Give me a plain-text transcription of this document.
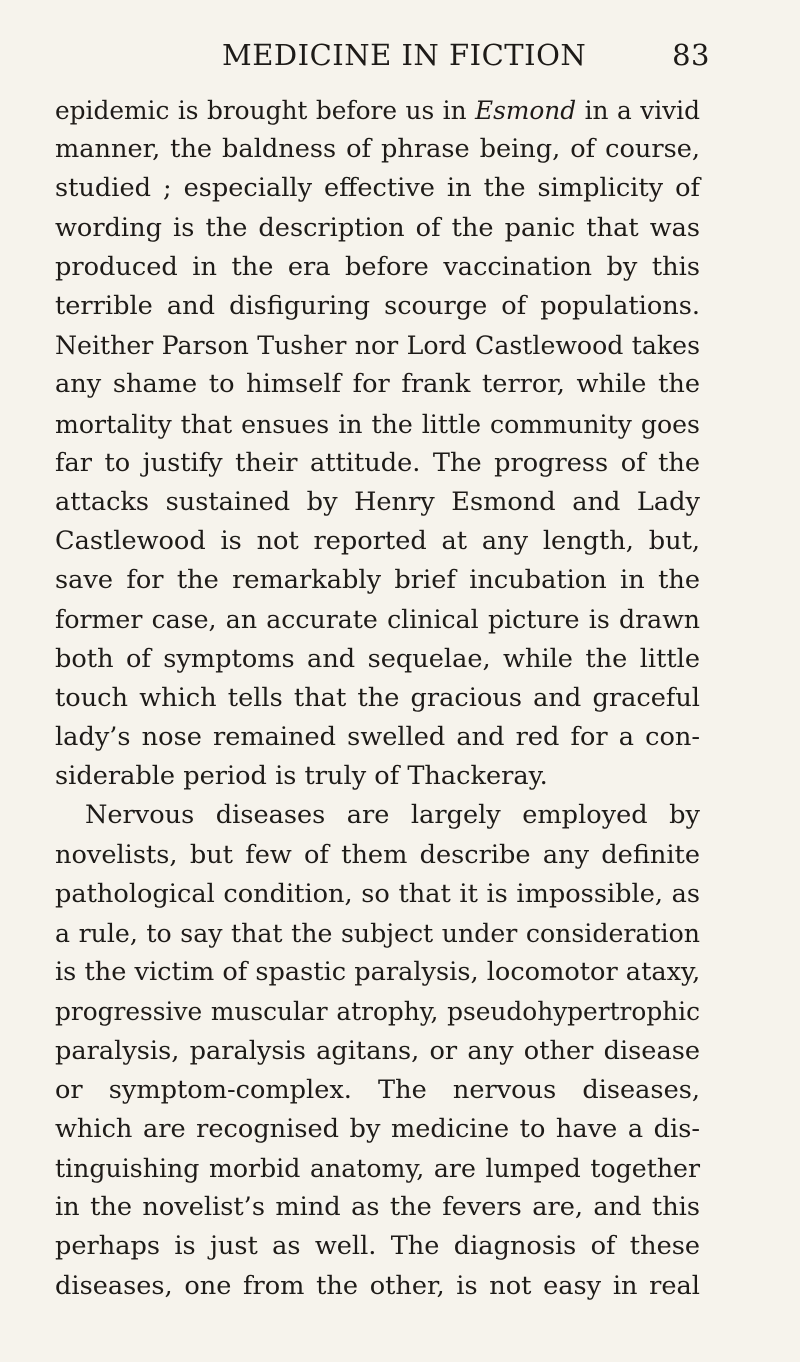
MEDICINE IN FICTION	83
epidemic is brought before us in Esmond in a vivid
manner, the baldness of phrase being, of course,
studied ; especially effective in the simplicity of
wording is the description of the panic that was
produced in the era before vaccination by this
terrible and disfiguring scourge of populations.
Neither Parson Tusher nor Lord Castlewood takes
any shame to himself for frank terror, while the
mortality that ensues in the little community goes
far to justify their attitude. The progress of the
attacks sustained by Henry Esmond and Lady
Castlewood is not reported at any length, but,
save for the remarkably brief incubation in the
former case, an accurate clinical picture is drawn
both of symptoms and sequelae, while the little
touch which tells that the gracious and graceful
lady’s nose remained swelled and red for a con-
siderable period is truly of Thackeray.
Nervous diseases are largely employed by
novelists, but few of them describe any definite
pathological condition, so that it is impossible, as
a rule, to say that the subject under consideration
is the victim of spastic paralysis, locomotor ataxy,
progressive muscular atrophy, pseudohypertrophic
paralysis, paralysis agitans, or any other disease
or symptom-complex. The nervous diseases,
which are recognised by medicine to have a dis-
tinguishing morbid anatomy, are lumped together
in the novelist’s mind as the fevers are, and this
perhaps is just as well. The diagnosis of these
diseases, one from the other, is not easy in real
